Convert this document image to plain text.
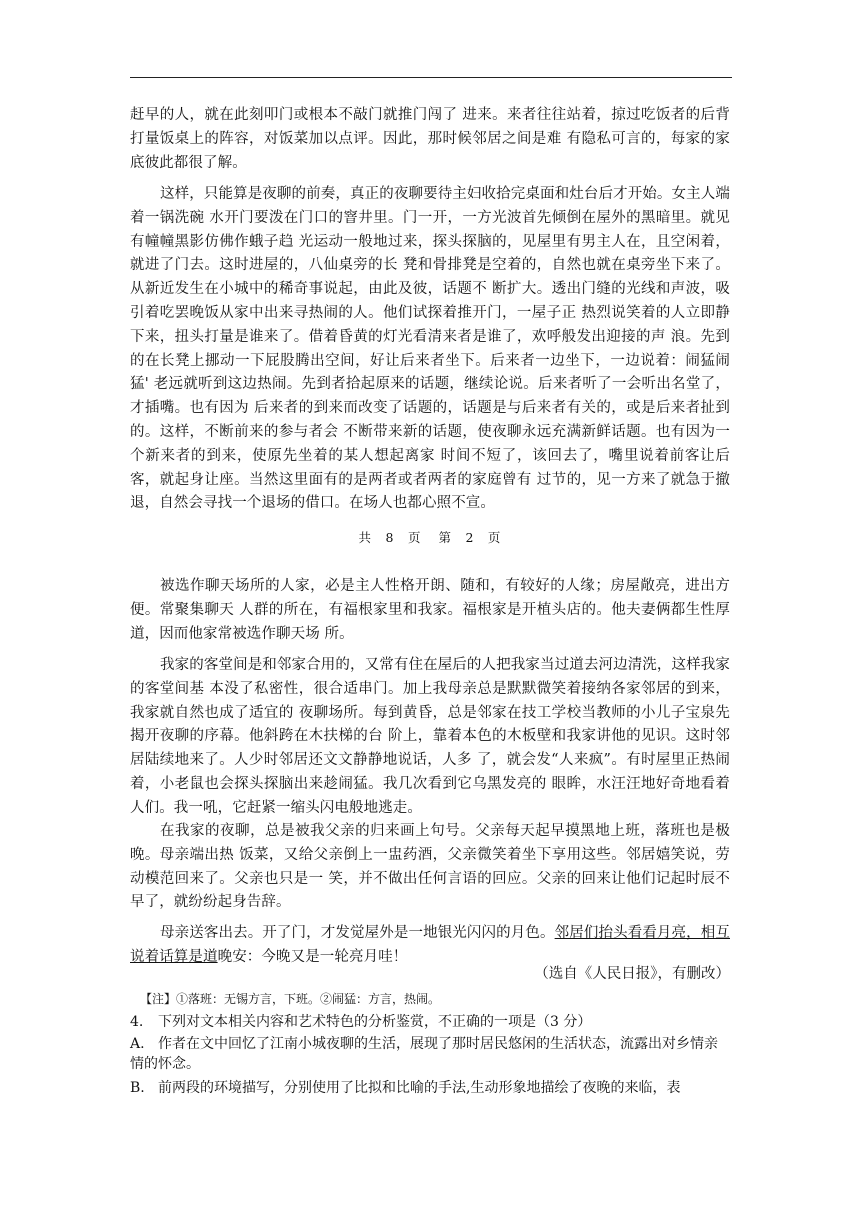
赶早的人，就在此刻叩门或根本不敲门就推门闯了 进来。来者往往站着，掠过吃饭者的后背打量饭桌上的阵容，对饭菜加以点评。因此，那时候邻居之间是难 有隐私可言的，每家的家底彼此都很了解。

这样，只能算是夜聊的前奏，真正的夜聊要待主妇收拾完桌面和灶台后才开始。女主人端着一锅洗碗 水开门要泼在门口的窨井里。门一开，一方光波首先倾倒在屋外的黑暗里。就见有幢幢黑影仿佛作蛾子趋 光运动一般地过来，探头探脑的，见屋里有男主人在，且空闲着，就进了门去。这时进屋的，八仙桌旁的长 凳和骨排凳是空着的，自然也就在桌旁坐下来了。从新近发生在小城中的稀奇事说起，由此及彼，话题不 断扩大。透出门缝的光线和声波，吸引着吃罢晚饭从家中出来寻热闹的人。他们试探着推开门，一屋子正 热烈说笑着的人立即静下来，扭头打量是谁来了。借着昏黄的灯光看清来者是谁了，欢呼般发出迎接的声 浪。先到的在长凳上挪动一下屁股腾出空间，好让后来者坐下。后来者一边坐下，一边说着：闹猛闹猛' 老远就听到这边热闹。先到者拾起原来的话题，继续论说。后来者听了一会听出名堂了，才插嘴。也有因为 后来者的到来而改变了话题的，话题是与后来者有关的，或是后来者扯到的。这样，不断前来的参与者会 不断带来新的话题，使夜聊永远充满新鲜话题。也有因为一个新来者的到来，使原先坐着的某人想起离家 时间不短了，该回去了，嘴里说着前客让后客，就起身让座。当然这里面有的是两者或者两者的家庭曾有 过节的，见一方来了就急于撤退，自然会寻找一个退场的借口。在场人也都心照不宣。

共　8　页 第　2　页

被选作聊天场所的人家，必是主人性格开朗、随和，有较好的人缘；房屋敞亮，进出方便。常聚集聊天 人群的所在，有福根家里和我家。福根家是开植头店的。他夫妻俩都生性厚道，因而他家常被选作聊天场 所。

我家的客堂间是和邻家合用的，又常有住在屋后的人把我家当过道去河边清洗，这样我家的客堂间基 本没了私密性，很合适串门。加上我母亲总是默默微笑着接纳各家邻居的到来，我家就自然也成了适宜的 夜聊场所。每到黄昏，总是邻家在技工学校当教师的小儿子宝泉先揭开夜聊的序幕。他斜跨在木扶梯的台 阶上，靠着本色的木板壁和我家讲他的见识。这时邻居陆续地来了。人少时邻居还文文静静地说话，人多 了，就会发“人来疯”。有时屋里正热闹着，小老鼠也会探头探脑出来趁闹猛。我几次看到它乌黑发亮的 眼眸，水汪汪地好奇地看着人们。我一吼，它赶紧一缩头闪电般地逃走。

在我家的夜聊，总是被我父亲的归来画上句号。父亲每天起早摸黑地上班，落班也是极晚。母亲端出热 饭菜，又给父亲倒上一盅药酒，父亲微笑着坐下享用这些。邻居嬉笑说，劳动模范回来了。父亲也只是一 笑，并不做出任何言语的回应。父亲的回来让他们记起时辰不早了，就纷纷起身告辞。

母亲送客出去。开了门，才发觉屋外是一地银光闪闪的月色。邻居们抬头看看月亮，相互说着话算是道晚安：今晚又是一轮亮月哇！

（选自《人民日报》，有删改）
【注】①落班：无锡方言，下班。②闹猛：方言，热闹。

4. 下列对文本相关内容和艺术特色的分析鉴赏，不正确的一项是（3 分）

A. 作者在文中回忆了江南小城夜聊的生活，展现了那时居民悠闲的生活状态，流露出对乡情亲情的怀念。

B. 前两段的环境描写，分别使用了比拟和比喻的手法,生动形象地描绘了夜晚的来临，表
